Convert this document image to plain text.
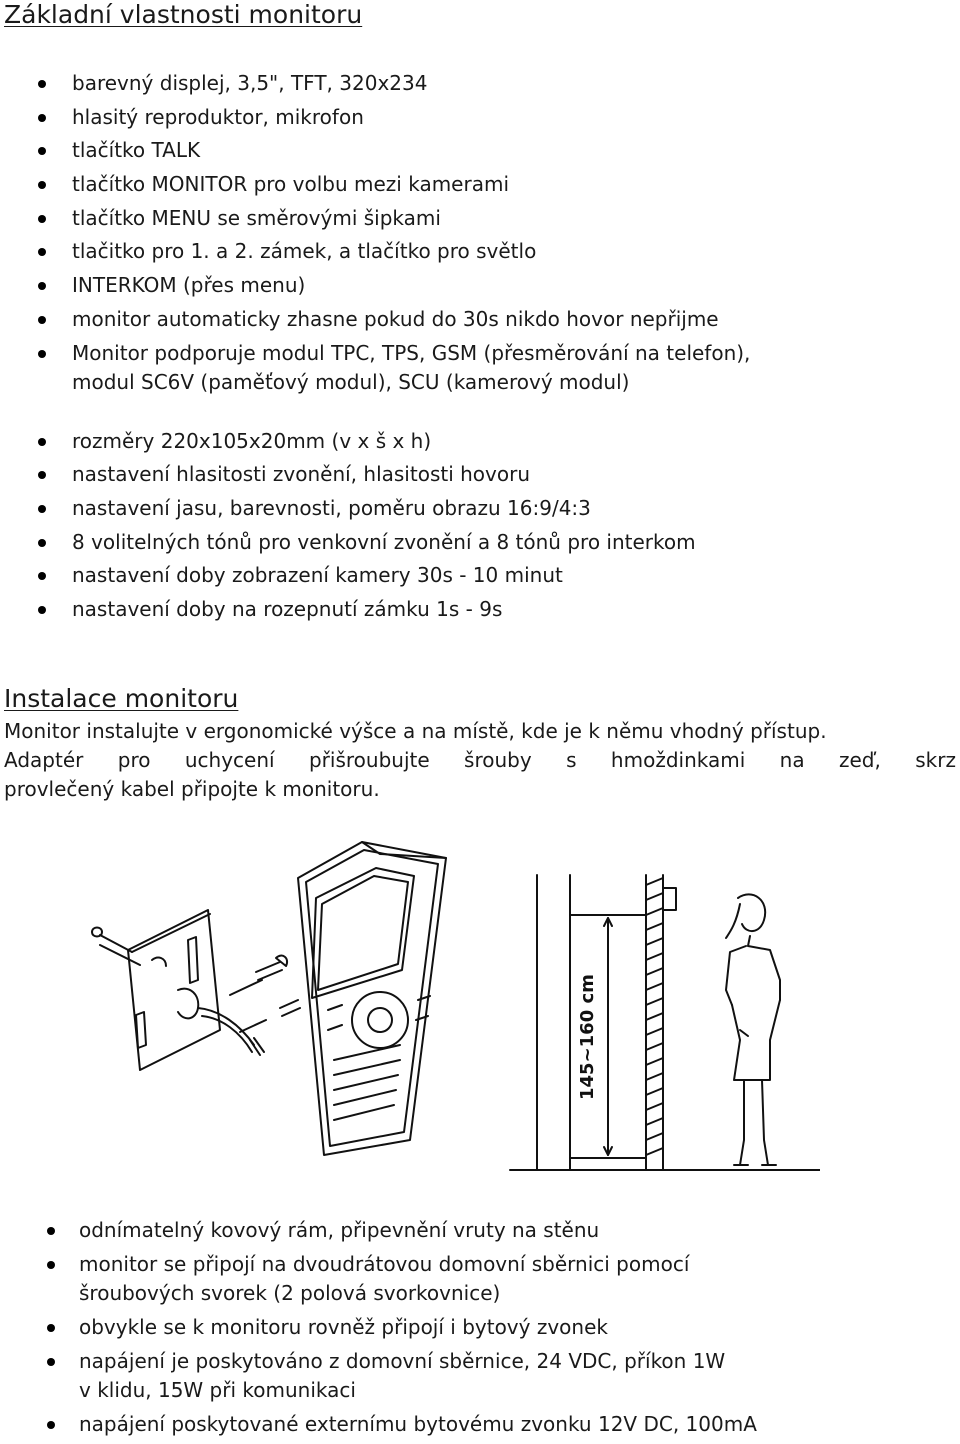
Základní vlastnosti monitoru
barevný displej, 3,5", TFT, 320x234
hlasitý reproduktor, mikrofon
tlačítko TALK
tlačítko MONITOR pro volbu mezi kamerami
tlačítko MENU se směrovými šipkami
tlačitko pro 1. a 2. zámek, a tlačítko pro světlo
INTERKOM (přes menu)
monitor automaticky zhasne pokud do 30s nikdo hovor nepřijme
Monitor podporuje modul TPC, TPS, GSM (přesměrování na telefon),
modul SC6V (paměťový modul), SCU (kamerový modul)
rozměry 220x105x20mm (v x š x h)
nastavení hlasitosti zvonění, hlasitosti hovoru
nastavení jasu, barevnosti, poměru obrazu 16:9/4:3
8 volitelných tónů pro venkovní zvonění a 8 tónů pro interkom
nastavení doby zobrazení kamery 30s - 10 minut
nastavení doby na rozepnutí zámku 1s - 9s
Instalace monitoru
Monitor instalujte v ergonomické výšce a na místě, kde je k němu vhodný přístup.
Adaptér pro uchycení přišroubujte šrouby s hmoždinkami na zeď, skrz
provlečený kabel připojte k monitoru.
145~160 cm
odnímatelný kovový rám, připevnění vruty na stěnu
monitor se připojí na dvoudrátovou domovní sběrnici pomocí
šroubových svorek (2 polová svorkovnice)
obvykle se k monitoru rovněž připojí i bytový zvonek
napájení je poskytováno z domovní sběrnice, 24 VDC, příkon 1W
v klidu, 15W při komunikaci
napájení poskytované externímu bytovému zvonku 12V DC, 100mA
